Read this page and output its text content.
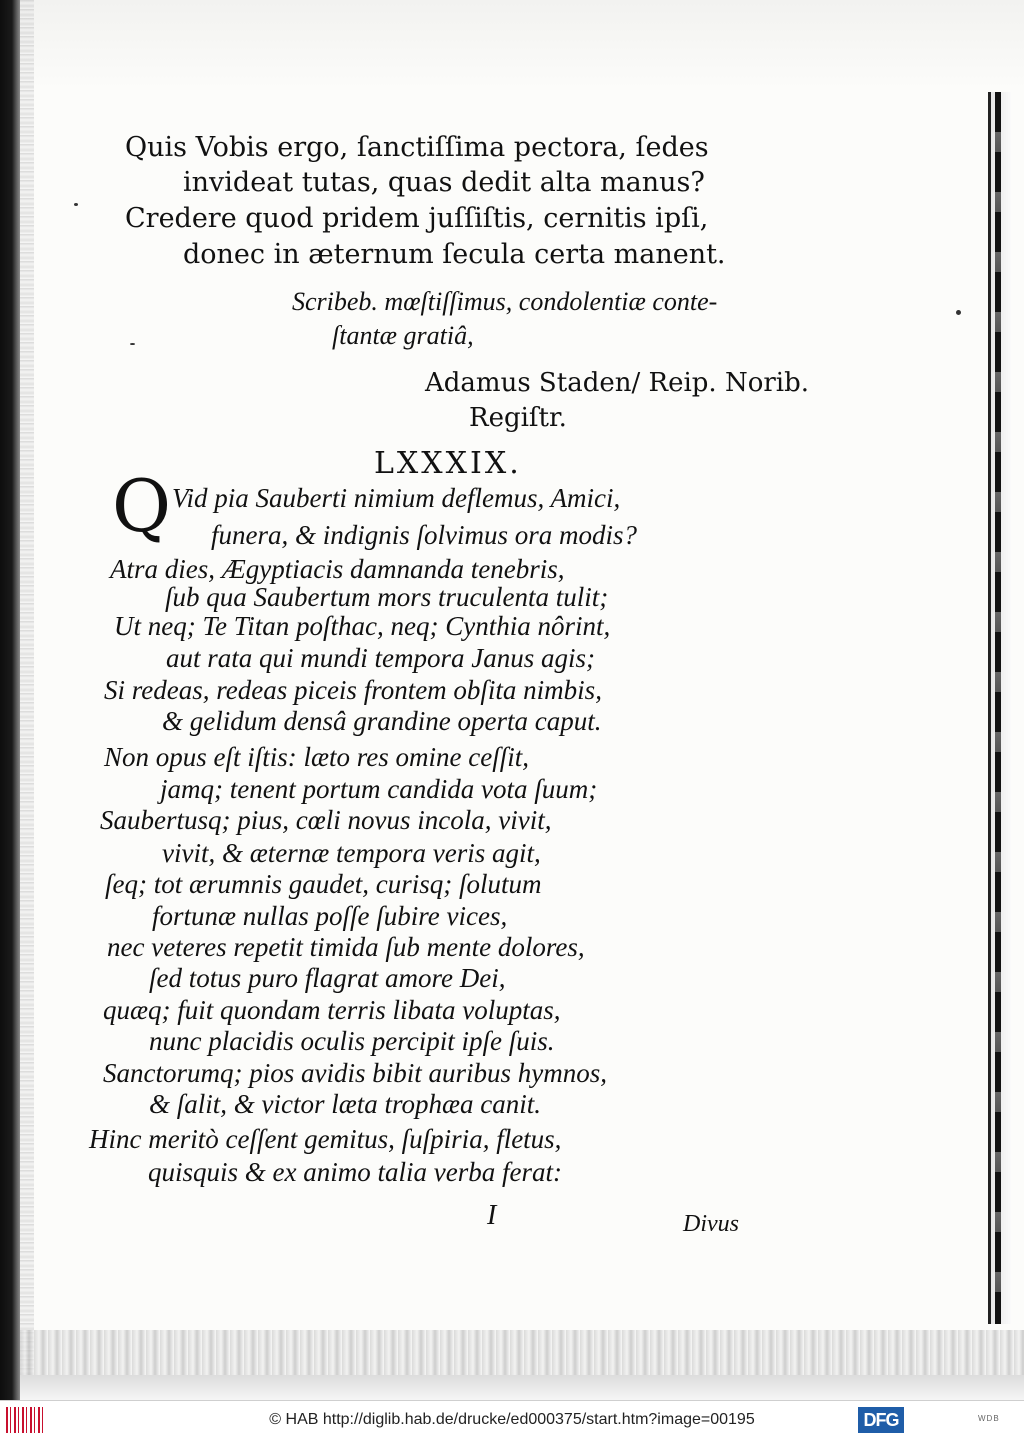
Quis Vobis ergo, ſanctiſſima pectora, ſedes
invideat tutas, quas dedit alta manus?
Credere quod pridem juſſiſtis, cernitis ipſi,
donec in æternum ſecula certa manent.
Scribeb. mœſtiſſimus, condolentiæ conte-
ſtantæ gratiâ,
Adamus Staden/ Reip. Norib.
Regiſtr.
LXXXIX.
Q Vid pia Sauberti nimium deflemus, Amici,
funera, & indignis ſolvimus ora modis?
Atra dies, Ægyptiacis damnanda tenebris,
ſub qua Saubertum mors truculenta tulit;
Ut neq; Te Titan poſthac, neq; Cynthia nôrint,
aut rata qui mundi tempora Janus agis;
Si redeas, redeas piceis frontem obſita nimbis,
& gelidum densâ grandine operta caput.
Non opus eſt iſtis: læto res omine ceſſit,
jamq; tenent portum candida vota ſuum;
Saubertusq; pius, cœli novus incola, vivit,
vivit, & æternæ tempora veris agit,
ſeq; tot ærumnis gaudet, curisq; ſolutum
fortunæ nullas poſſe ſubire vices,
nec veteres repetit timida ſub mente dolores,
ſed totus puro flagrat amore Dei,
quæq; fuit quondam terris libata voluptas,
nunc placidis oculis percipit ipſe ſuis.
Sanctorumq; pios avidis bibit auribus hymnos,
& ſalit, & victor læta trophæa canit.
Hinc meritò ceſſent gemitus, ſuſpiria, fletus,
quisquis & ex animo talia verba ferat:
I	Divus
© HAB http://diglib.hab.de/drucke/ed000375/start.htm?image=00195	DFG	WDB
